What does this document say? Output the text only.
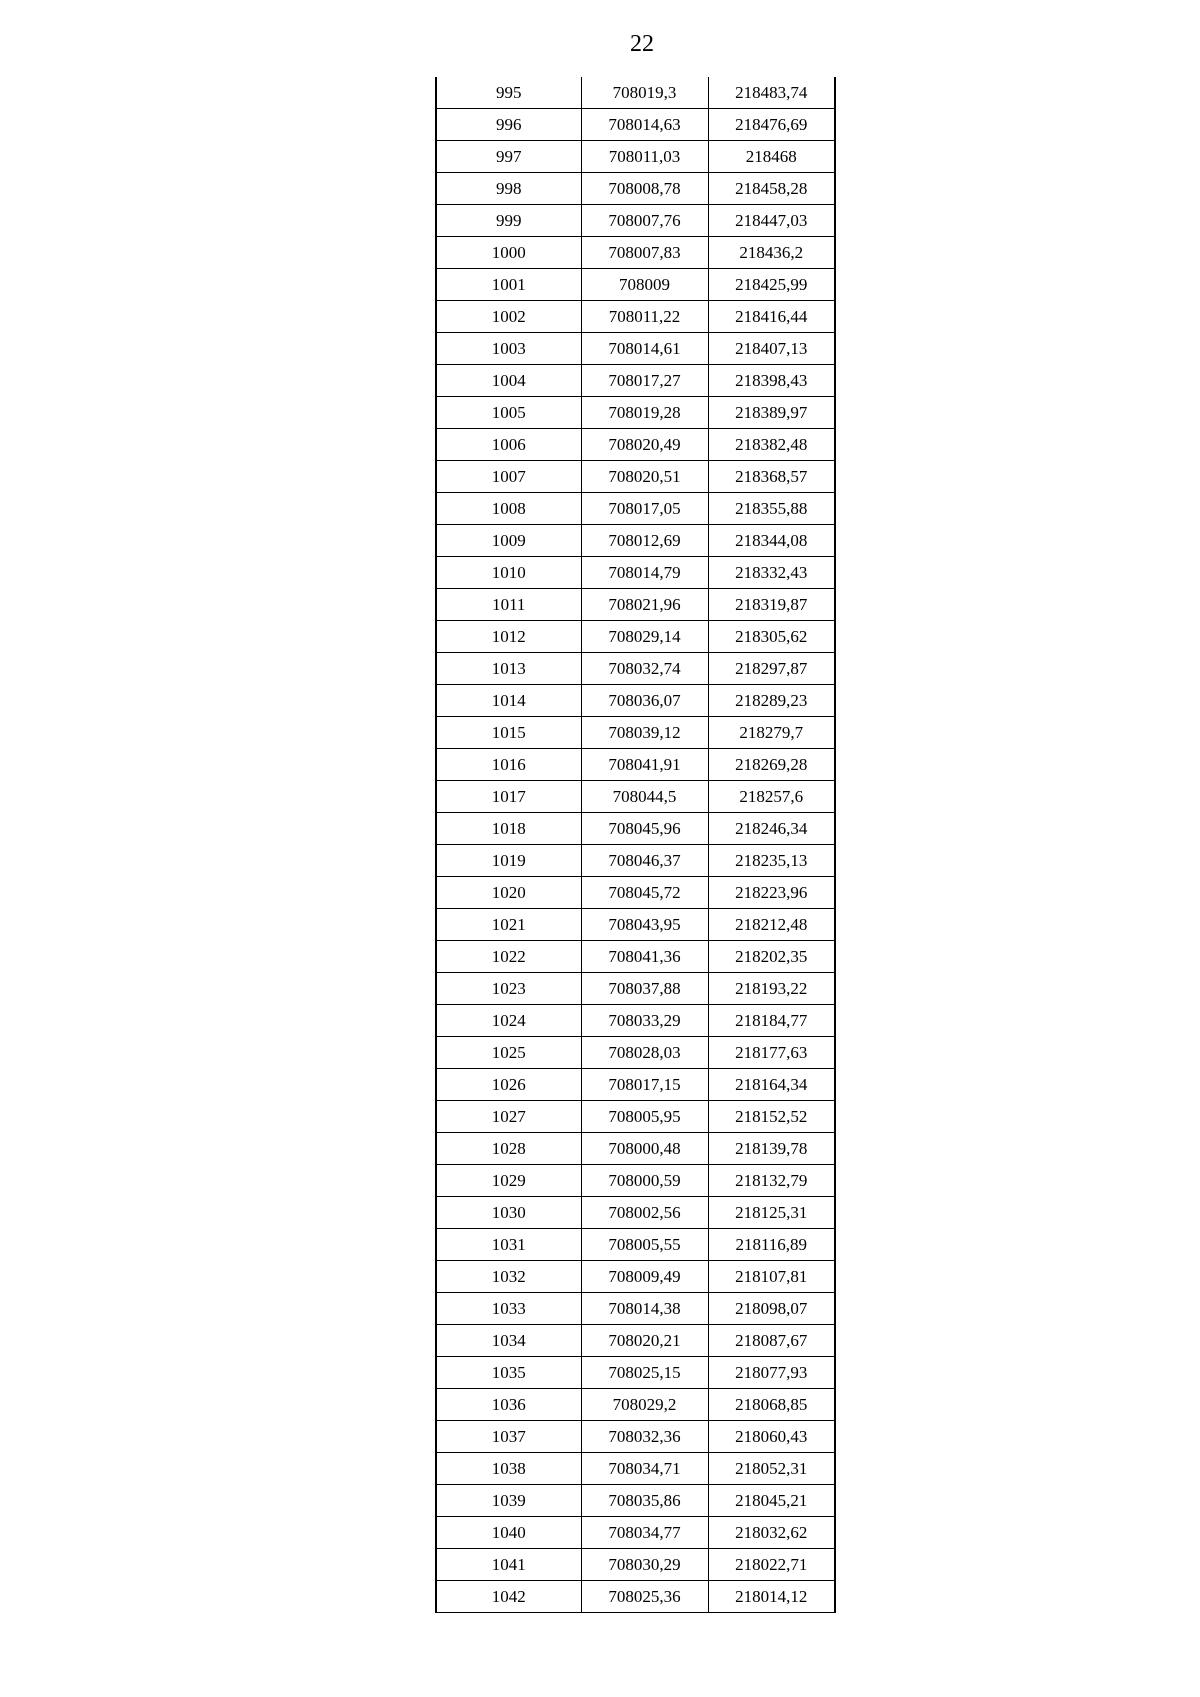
22
995	708019,3	218483,74
996	708014,63	218476,69
997	708011,03	218468
998	708008,78	218458,28
999	708007,76	218447,03
1000	708007,83	218436,2
1001	708009	218425,99
1002	708011,22	218416,44
1003	708014,61	218407,13
1004	708017,27	218398,43
1005	708019,28	218389,97
1006	708020,49	218382,48
1007	708020,51	218368,57
1008	708017,05	218355,88
1009	708012,69	218344,08
1010	708014,79	218332,43
1011	708021,96	218319,87
1012	708029,14	218305,62
1013	708032,74	218297,87
1014	708036,07	218289,23
1015	708039,12	218279,7
1016	708041,91	218269,28
1017	708044,5	218257,6
1018	708045,96	218246,34
1019	708046,37	218235,13
1020	708045,72	218223,96
1021	708043,95	218212,48
1022	708041,36	218202,35
1023	708037,88	218193,22
1024	708033,29	218184,77
1025	708028,03	218177,63
1026	708017,15	218164,34
1027	708005,95	218152,52
1028	708000,48	218139,78
1029	708000,59	218132,79
1030	708002,56	218125,31
1031	708005,55	218116,89
1032	708009,49	218107,81
1033	708014,38	218098,07
1034	708020,21	218087,67
1035	708025,15	218077,93
1036	708029,2	218068,85
1037	708032,36	218060,43
1038	708034,71	218052,31
1039	708035,86	218045,21
1040	708034,77	218032,62
1041	708030,29	218022,71
1042	708025,36	218014,12
